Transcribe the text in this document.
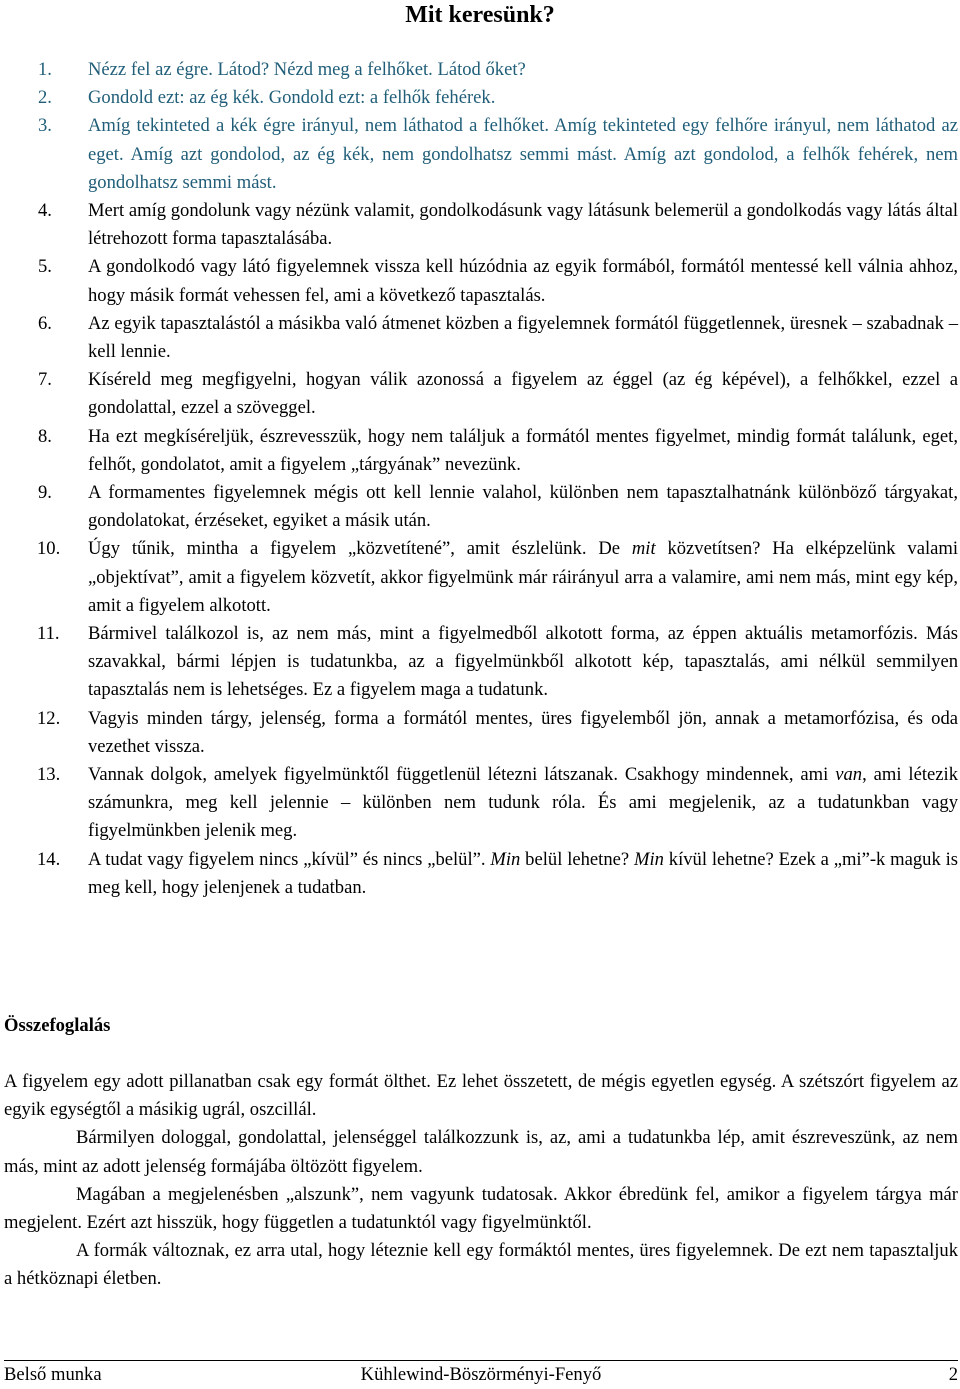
Mit keresünk?
1. Nézz fel az égre. Látod? Nézd meg a felhőket. Látod őket?
2. Gondold ezt: az ég kék. Gondold ezt: a felhők fehérek.
3. Amíg tekinteted a kék égre irányul, nem láthatod a felhőket. Amíg tekinteted egy felhőre irányul, nem láthatod az eget. Amíg azt gondolod, az ég kék, nem gondolhatsz semmi mást. Amíg azt gondolod, a felhők fehérek, nem gondolhatsz semmi mást.
4. Mert amíg gondolunk vagy nézünk valamit, gondolkodásunk vagy látásunk belemerül a gondolkodás vagy látás által létrehozott forma tapasztalásába.
5. A gondolkodó vagy látó figyelemnek vissza kell húzódnia az egyik formából, formától mentessé kell válnia ahhoz, hogy másik formát vehessen fel, ami a következő tapasztalás.
6. Az egyik tapasztalástól a másikba való átmenet közben a figyelemnek formától függetlennek, üresnek – szabadnak – kell lennie.
7. Kíséreld meg megfigyelni, hogyan válik azonossá a figyelem az éggel (az ég képével), a felhőkkel, ezzel a gondolattal, ezzel a szöveggel.
8. Ha ezt megkíséreljük, észrevesszük, hogy nem találjuk a formától mentes figyelmet, mindig formát találunk, eget, felhőt, gondolatot, amit a figyelem „tárgyának” nevezünk.
9. A formamentes figyelemnek mégis ott kell lennie valahol, különben nem tapasztalhatnánk különböző tárgyakat, gondolatokat, érzéseket, egyiket a másik után.
10. Úgy tűnik, mintha a figyelem „közvetítené”, amit észlelünk. De mit közvetítsen? Ha elképzelünk valami „objektívat”, amit a figyelem közvetít, akkor figyelmünk már ráirányul arra a valamire, ami nem más, mint egy kép, amit a figyelem alkotott.
11. Bármivel találkozol is, az nem más, mint a figyelmedből alkotott forma, az éppen aktuális metamorfózis. Más szavakkal, bármi lépjen is tudatunkba, az a figyelmünkből alkotott kép, tapasztalás, ami nélkül semmilyen tapasztalás nem is lehetséges. Ez a figyelem maga a tudatunk.
12. Vagyis minden tárgy, jelenség, forma a formától mentes, üres figyelemből jön, annak a metamorfózisa, és oda vezethet vissza.
13. Vannak dolgok, amelyek figyelmünktől függetlenül létezni látszanak. Csakhogy mindennek, ami van, ami létezik számunkra, meg kell jelennie – különben nem tudunk róla. És ami megjelenik, az a tudatunkban vagy figyelmünkben jelenik meg.
14. A tudat vagy figyelem nincs „kívül” és nincs „belül”. Min belül lehetne? Min kívül lehetne? Ezek a „mi”-k maguk is meg kell, hogy jelenjenek a tudatban.
Összefoglalás

A figyelem egy adott pillanatban csak egy formát ölthet. Ez lehet összetett, de mégis egyetlen egység. A szétszórt figyelem az egyik egységtől a másikig ugrál, oszcillál.

Bármilyen dologgal, gondolattal, jelenséggel találkozzunk is, az, ami a tudatunkba lép, amit észreveszünk, az nem más, mint az adott jelenség formájába öltözött figyelem.

Magában a megjelenésben „alszunk”, nem vagyunk tudatosak. Akkor ébredünk fel, amikor a figyelem tárgya már megjelent. Ezért azt hisszük, hogy független a tudatunktól vagy figyelmünktől.

A formák változnak, ez arra utal, hogy léteznie kell egy formáktól mentes, üres figyelemnek. De ezt nem tapasztaljuk a hétköznapi életben.

Belső munka	Kühlewind-Böszörményi-Fenyő	2
